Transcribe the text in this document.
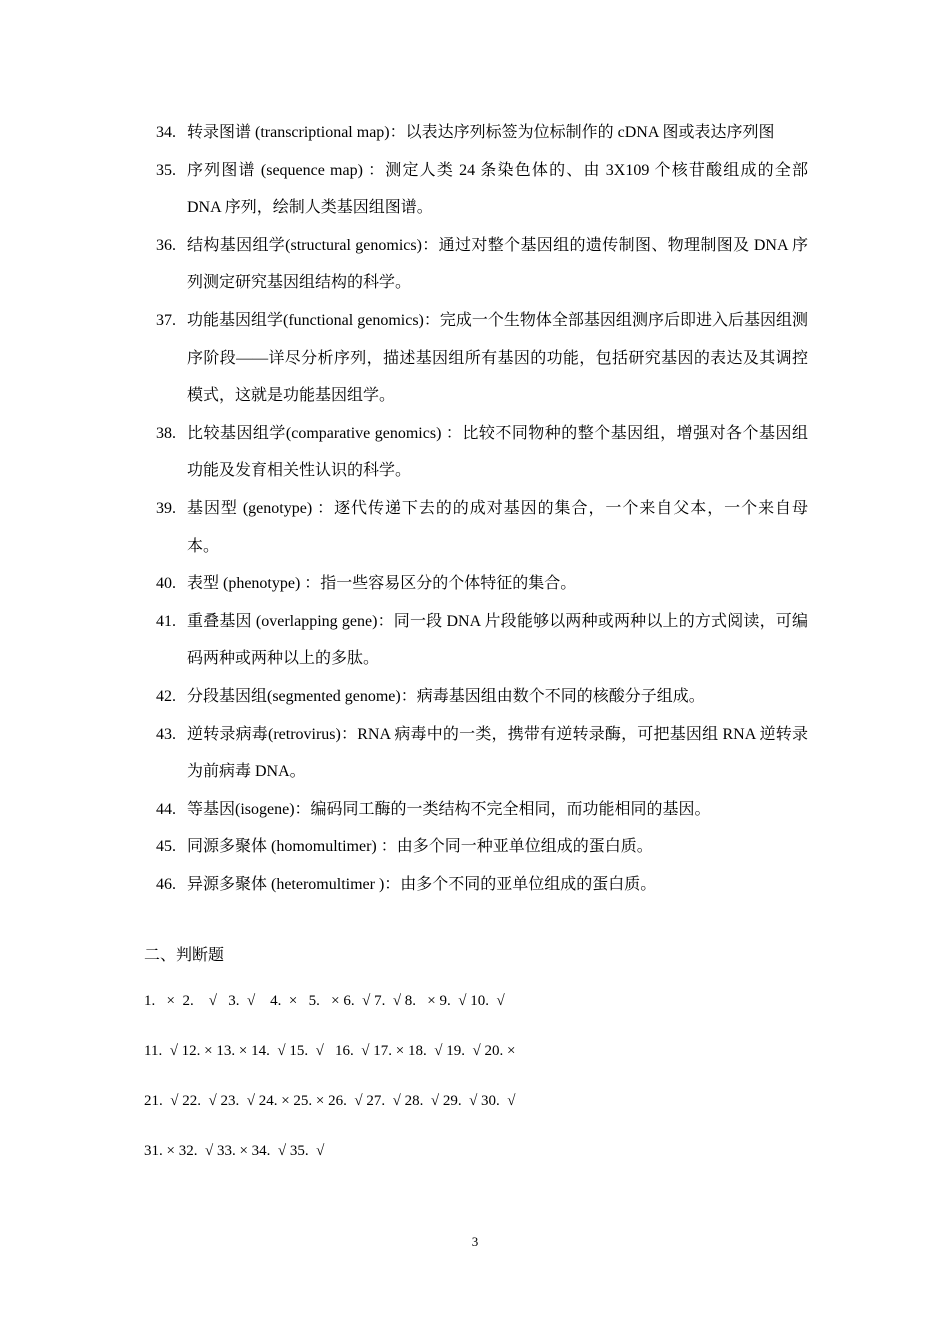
34. 转录图谱 (transcriptional map)：以表达序列标签为位标制作的 cDNA 图或表达序列图
35. 序列图谱 (sequence map) ：测定人类 24 条染色体的、由 3X109 个核苷酸组成的全部 DNA 序列，绘制人类基因组图谱。
36. 结构基因组学(structural genomics)：通过对整个基因组的遗传制图、物理制图及 DNA 序列测定研究基因组结构的科学。
37. 功能基因组学(functional genomics)：完成一个生物体全部基因组测序后即进入后基因组测序阶段——详尽分析序列，描述基因组所有基因的功能，包括研究基因的表达及其调控模式，这就是功能基因组学。
38. 比较基因组学(comparative genomics) ：比较不同物种的整个基因组，增强对各个基因组功能及发育相关性认识的科学。
39. 基因型 (genotype) ：逐代传递下去的的成对基因的集合，一个来自父本，一个来自母本。
40. 表型 (phenotype) ：指一些容易区分的个体特征的集合。
41. 重叠基因 (overlapping gene)：同一段 DNA 片段能够以两种或两种以上的方式阅读，可编码两种或两种以上的多肽。
42. 分段基因组(segmented genome)：病毒基因组由数个不同的核酸分子组成。
43. 逆转录病毒(retrovirus)：RNA 病毒中的一类，携带有逆转录酶，可把基因组 RNA 逆转录为前病毒 DNA。
44. 等基因(isogene)：编码同工酶的一类结构不完全相同，而功能相同的基因。
45. 同源多聚体 (homomultimer) ：由多个同一种亚单位组成的蛋白质。
46. 异源多聚体 (heteromultimer )：由多个不同的亚单位组成的蛋白质。
二、判断题
1.   ×  2.    √   3.  √    4.  ×   5.   × 6.  √ 7.  √ 8.   × 9.  √ 10.  √
11.  √ 12. × 13. × 14.  √ 15.  √   16.  √ 17. × 18.  √ 19.  √ 20. ×
21.  √ 22.  √ 23.  √ 24. × 25. × 26.  √ 27.  √ 28.  √ 29.  √ 30.  √
31. × 32.  √ 33. × 34.  √ 35.  √
3
